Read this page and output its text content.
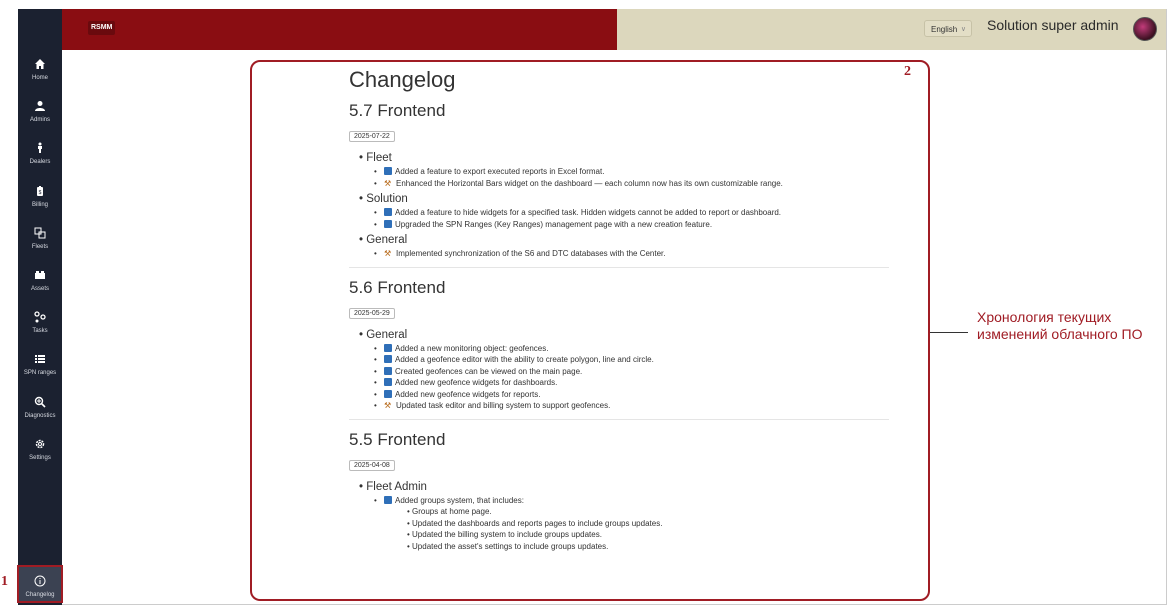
Home
Admins
Dealers
$
Billing
Fleets
Assets
Tasks
SPN ranges
Diagnostics
Settings
Changelog
RSMM	English ∨ Solution super admin
Changelog
5.7 Frontend
2025-07-22
• Fleet
• Added a feature to export executed reports in Excel format.
• ⚒ Enhanced the Horizontal Bars widget on the dashboard — each column now has its own customizable range.
• Solution
• Added a feature to hide widgets for a specified task. Hidden widgets cannot be added to report or dashboard.
• Upgraded the SPN Ranges (Key Ranges) management page with a new creation feature.
• General
• ⚒ Implemented synchronization of the S6 and DTC databases with the Center.
5.6 Frontend
2025-05-29
• General
• Added a new monitoring object: geofences.
• Added a geofence editor with the ability to create polygon, line and circle.
• Created geofences can be viewed on the main page.
• Added new geofence widgets for dashboards.
• Added new geofence widgets for reports.
• ⚒ Updated task editor and billing system to support geofences.
5.5 Frontend
2025-04-08
• Fleet Admin
• Added groups system, that includes:
• Groups at home page.
• Updated the dashboards and reports pages to include groups updates.
• Updated the billing system to include groups updates.
• Updated the asset's settings to include groups updates.
1
2
Хронология текущих изменений облачного ПО
